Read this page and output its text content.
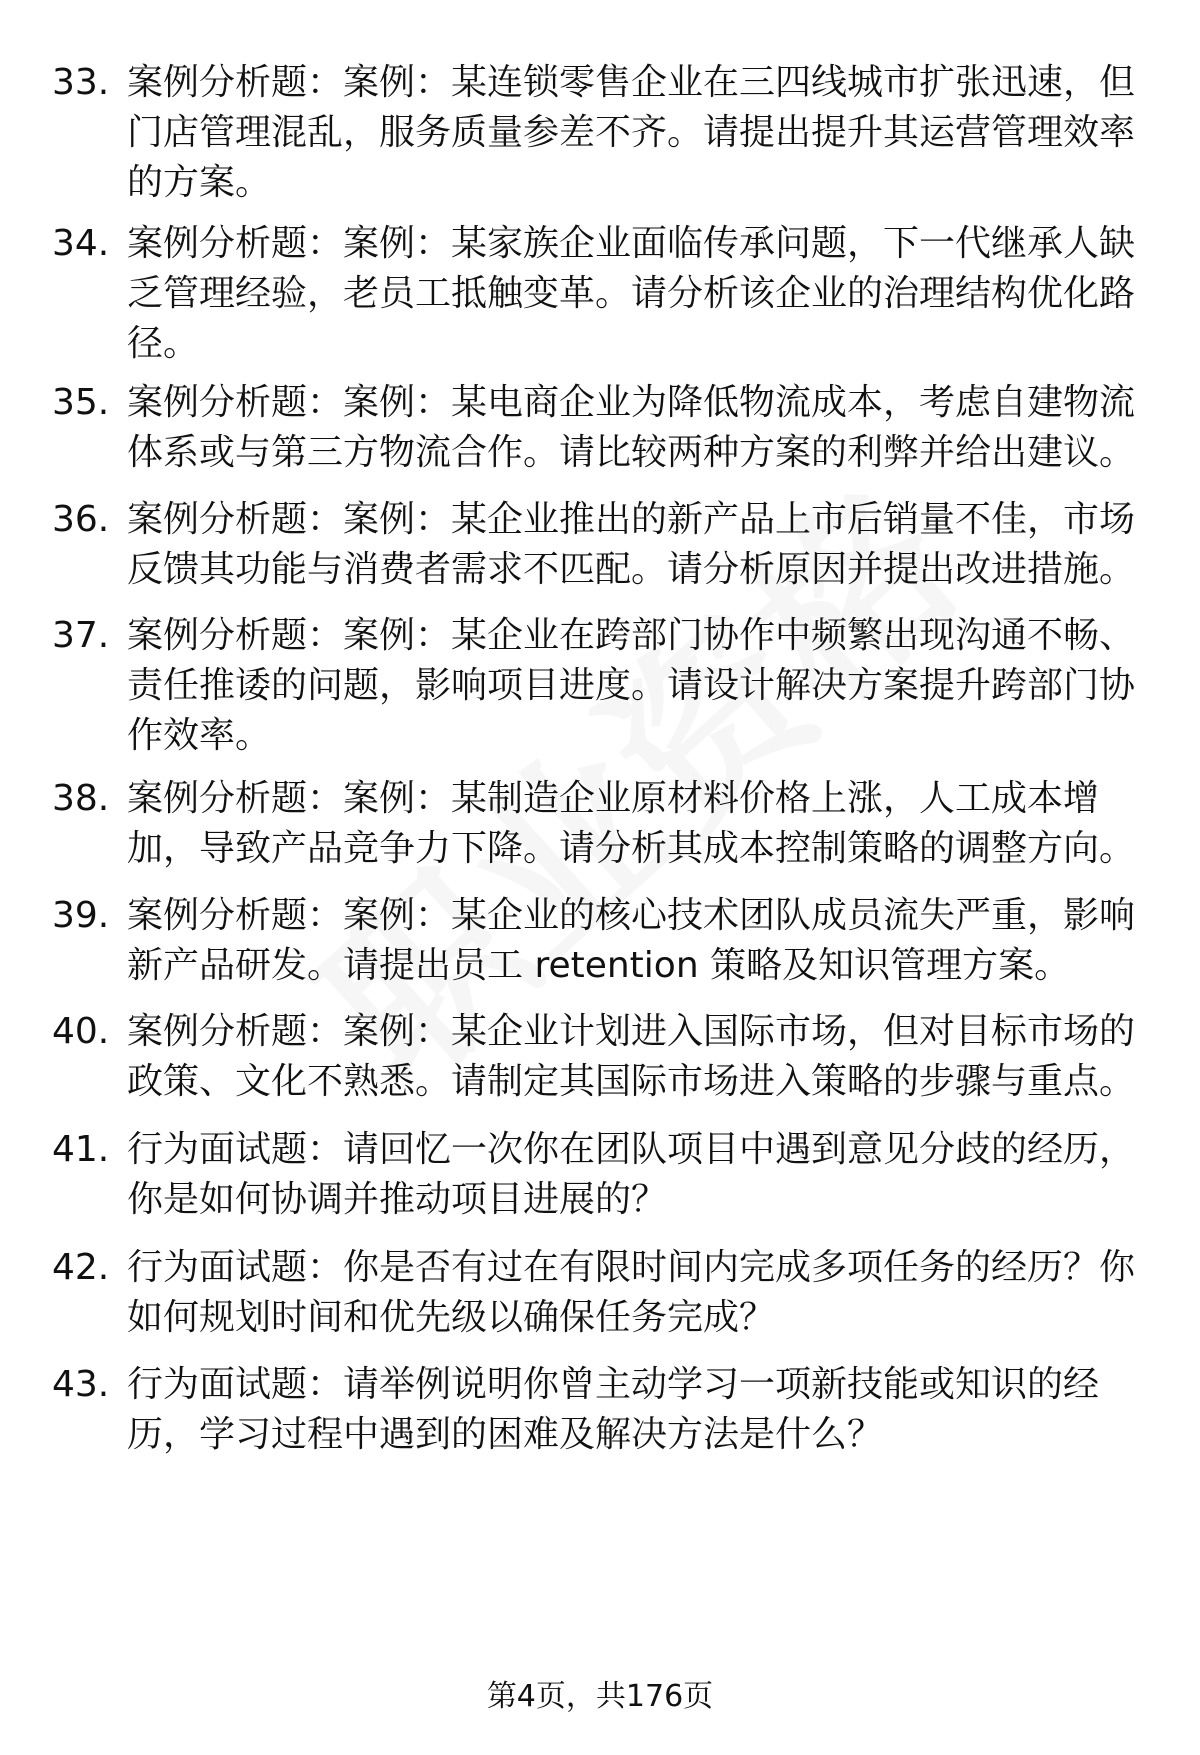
33. 案例分析题：案例：某连锁零售企业在三四线城市扩张迅速，但门店管理混乱，服务质量参差不齐。请提出提升其运营管理效率的方案。
34. 案例分析题：案例：某家族企业面临传承问题，下一代继承人缺乏管理经验，老员工抵触变革。请分析该企业的治理结构优化路径。
35. 案例分析题：案例：某电商企业为降低物流成本，考虑自建物流体系或与第三方物流合作。请比较两种方案的利弊并给出建议。
36. 案例分析题：案例：某企业推出的新产品上市后销量不佳，市场反馈其功能与消费者需求不匹配。请分析原因并提出改进措施。
37. 案例分析题：案例：某企业在跨部门协作中频繁出现沟通不畅、责任推诿的问题，影响项目进度。请设计解决方案提升跨部门协作效率。
38. 案例分析题：案例：某制造企业原材料价格上涨，人工成本增加，导致产品竞争力下降。请分析其成本控制策略的调整方向。
39. 案例分析题：案例：某企业的核心技术团队成员流失严重，影响新产品研发。请提出员工 retention 策略及知识管理方案。
40. 案例分析题：案例：某企业计划进入国际市场，但对目标市场的政策、文化不熟悉。请制定其国际市场进入策略的步骤与重点。
41. 行为面试题：请回忆一次你在团队项目中遇到意见分歧的经历，你是如何协调并推动项目进展的？
42. 行为面试题：你是否有过在有限时间内完成多项任务的经历？你如何规划时间和优先级以确保任务完成？
43. 行为面试题：请举例说明你曾主动学习一项新技能或知识的经历，学习过程中遇到的困难及解决方法是什么？
第4页，共176页
